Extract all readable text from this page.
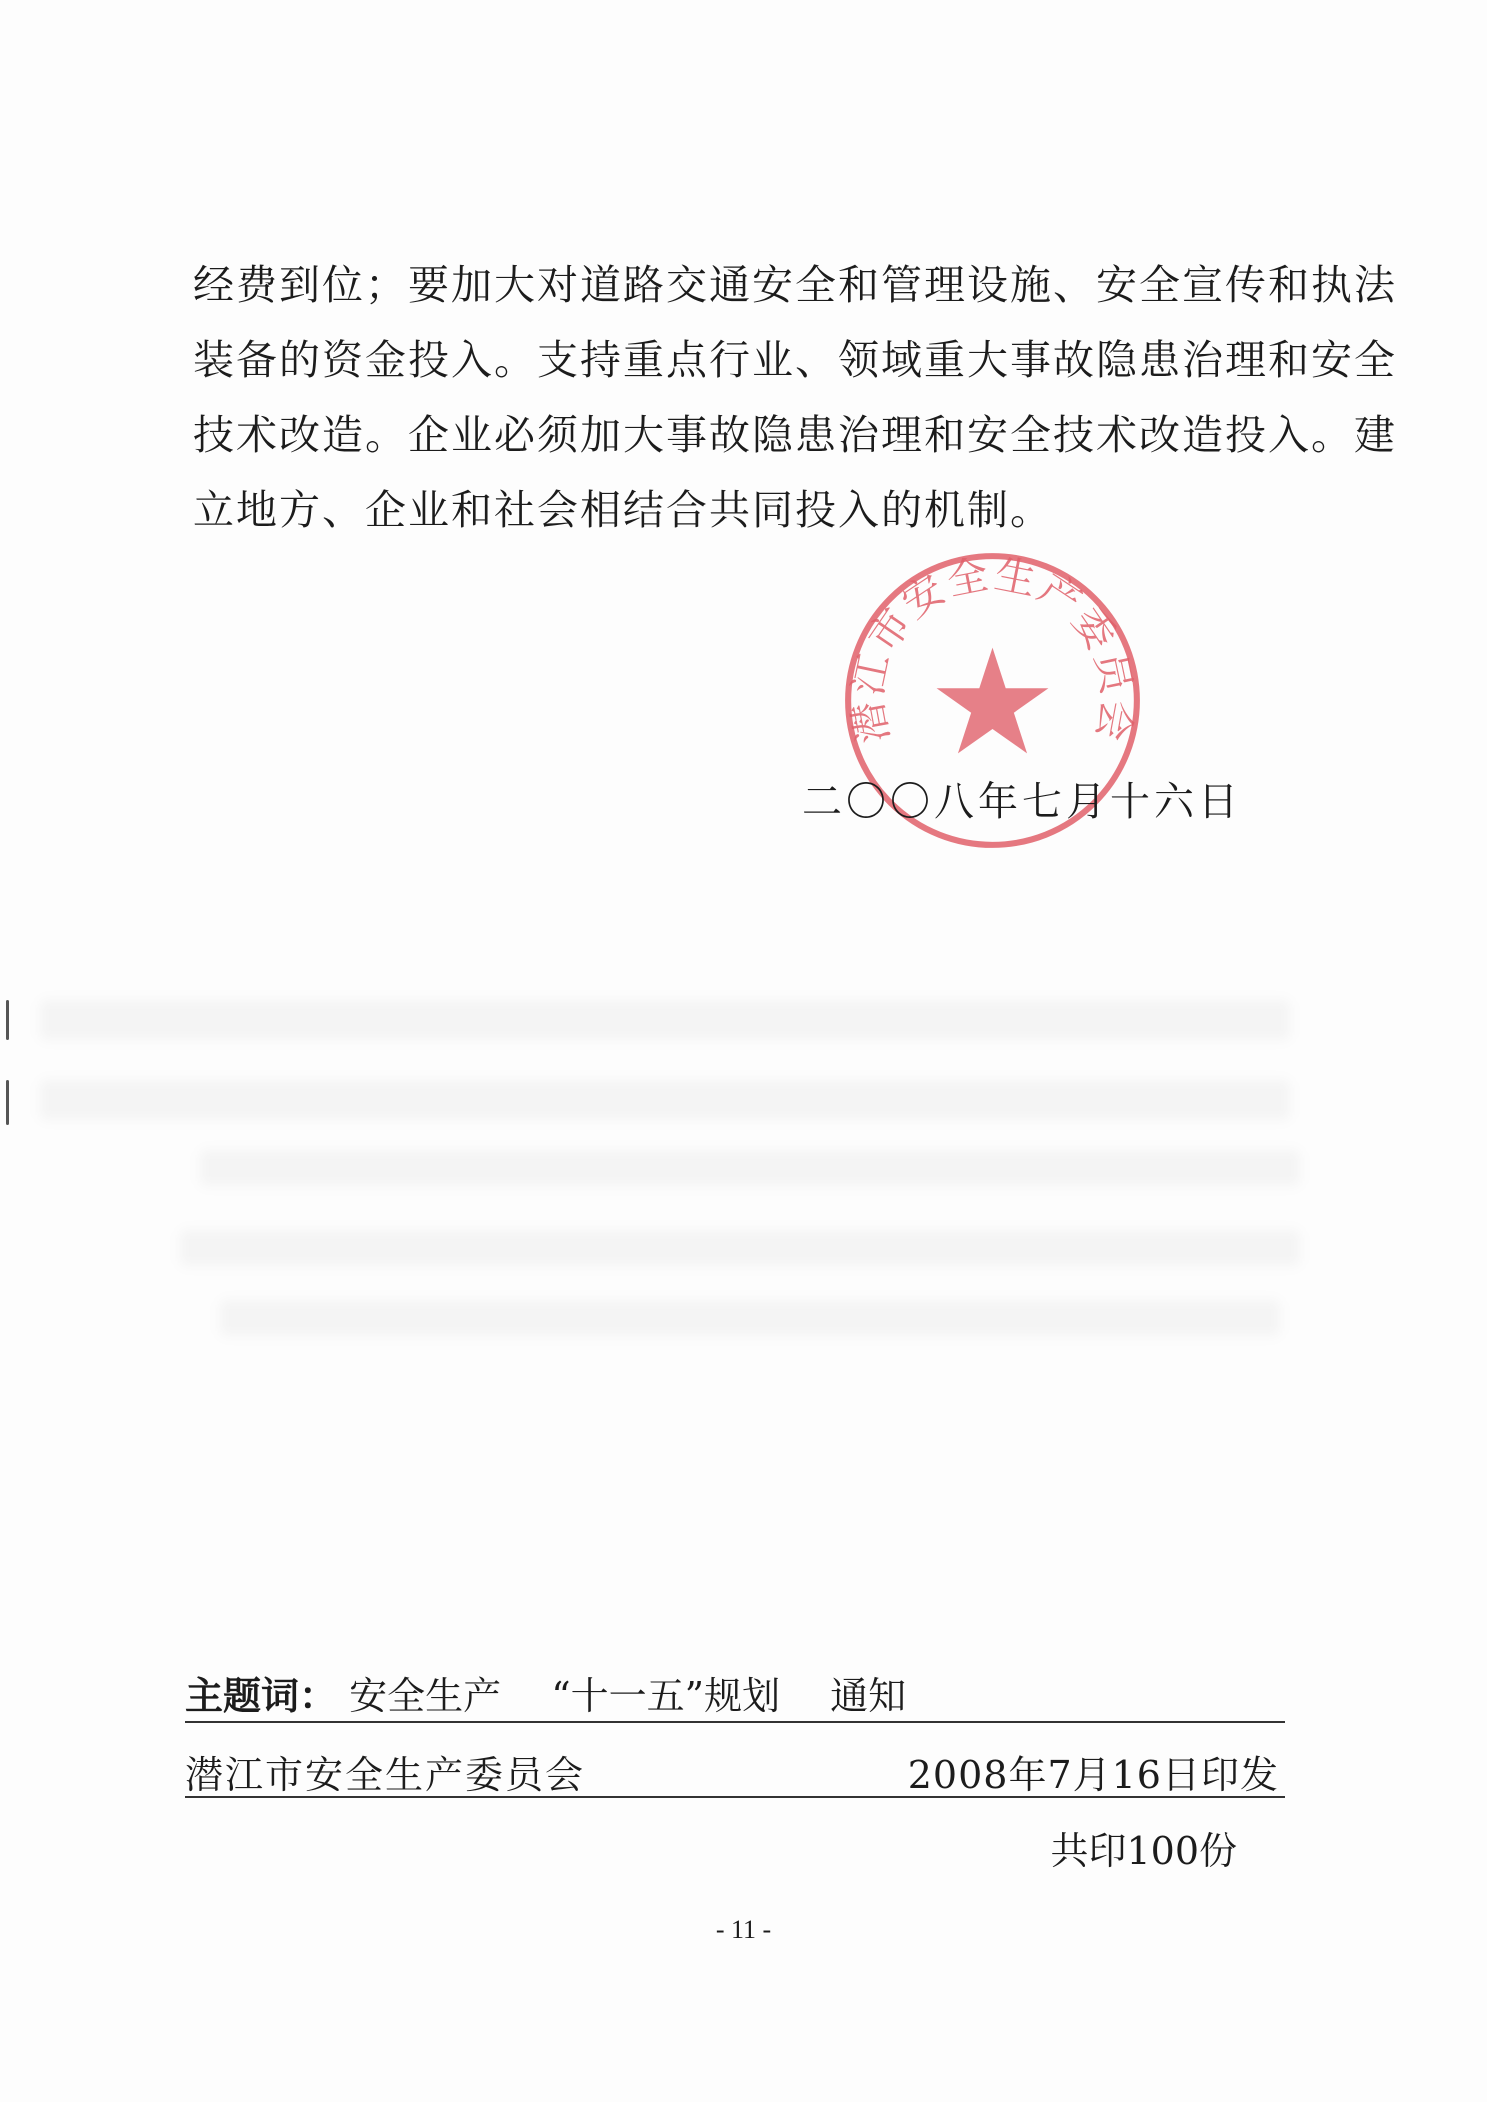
经费到位；要加大对道路交通安全和管理设施、安全宣传和执法
装备的资金投入。支持重点行业、领域重大事故隐患治理和安全
技术改造。企业必须加大事故隐患治理和安全技术改造投入。建
立地方、企业和社会相结合共同投入的机制。
潜江市安全生产委员会
二〇〇八年七月十六日
主题词： 安全生产 “十一五”规划 通知
潜江市安全生产委员会	2008年7月16日印发
共印100份
- 11 -
